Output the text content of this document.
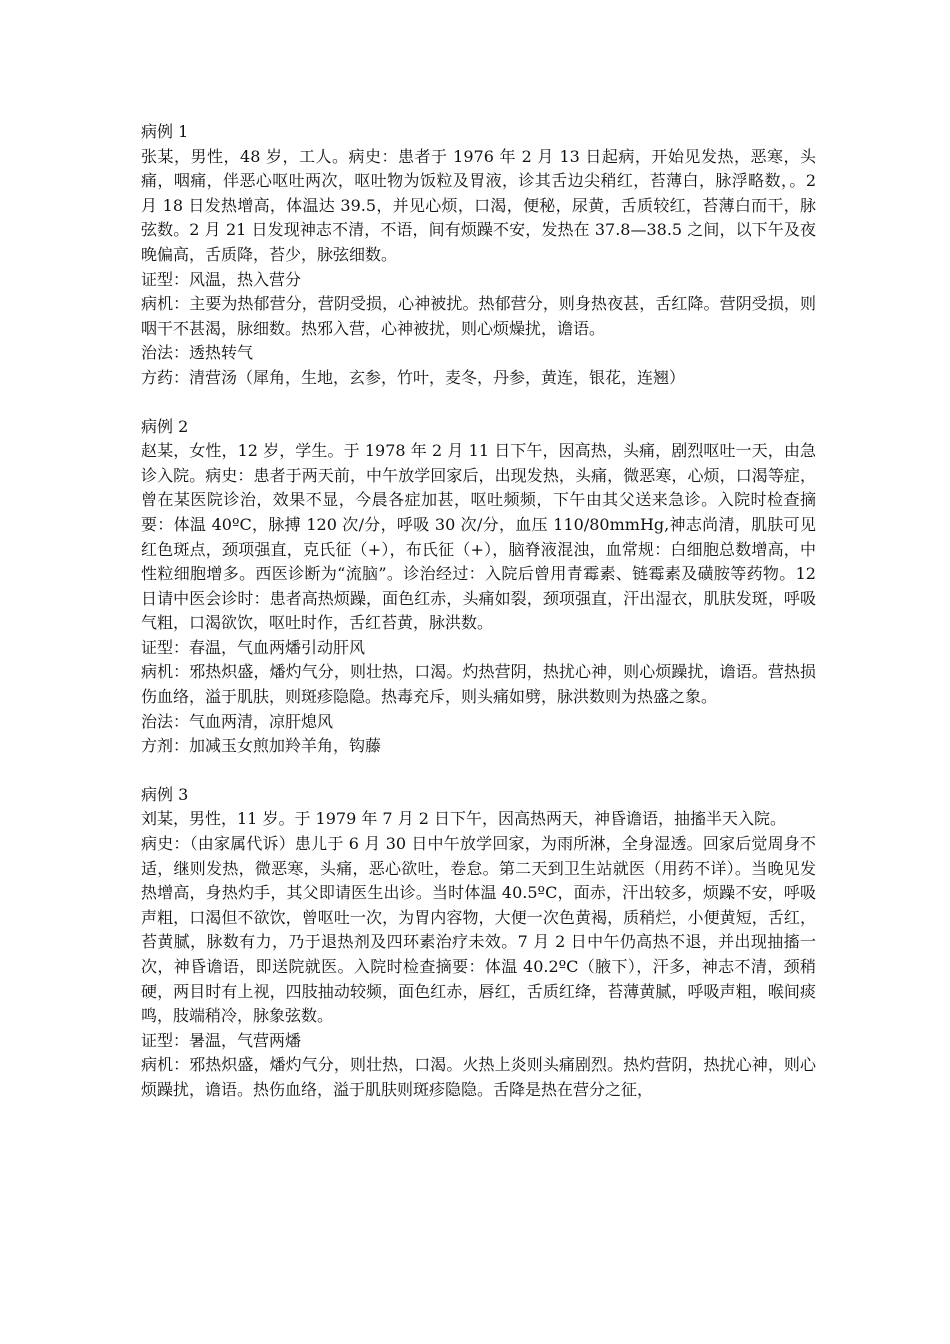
病例 1

张某，男性，48 岁，工人。病史：患者于 1976 年 2 月 13 日起病，开始见发热，恶寒，头痛，咽痛，伴恶心呕吐两次，呕吐物为饭粒及胃液，诊其舌边尖稍红，苔薄白，脉浮略数，。2 月 18 日发热增高，体温达 39.5，并见心烦，口渴，便秘，尿黄，舌质较红，苔薄白而干，脉弦数。2 月 21 日发现神志不清，不语，间有烦躁不安，发热在 37.8—38.5 之间，以下午及夜晚偏高，舌质降，苔少，脉弦细数。

证型：风温，热入营分

病机：主要为热郁营分，营阴受损，心神被扰。热郁营分，则身热夜甚，舌红降。营阴受损，则咽干不甚渴，脉细数。热邪入营，心神被扰，则心烦燥扰，谵语。

治法：透热转气

方药：清营汤（犀角，生地，玄参，竹叶，麦冬，丹参，黄连，银花，连翘）

病例 2

赵某，女性，12 岁，学生。于 1978 年 2 月 11 日下午，因高热，头痛，剧烈呕吐一天，由急诊入院。病史：患者于两天前，中午放学回家后，出现发热，头痛，微恶寒，心烦，口渴等症，曾在某医院诊治，效果不显，今晨各症加甚，呕吐频频，下午由其父送来急诊。入院时检查摘要：体温 40ºC，脉搏 120 次/分，呼吸 30 次/分，血压 110/80mmHg,神志尚清，肌肤可见红色斑点，颈项强直，克氏征（+），布氏征（+），脑脊液混浊，血常规：白细胞总数增高，中性粒细胞增多。西医诊断为“流脑”。诊治经过：入院后曾用青霉素、链霉素及磺胺等药物。12 日请中医会诊时：患者高热烦躁，面色红赤，头痛如裂，颈项强直，汗出湿衣，肌肤发斑，呼吸气粗，口渴欲饮，呕吐时作，舌红苔黄，脉洪数。

证型：春温，气血两燔引动肝风

病机：邪热炽盛，燔灼气分，则壮热，口渴。灼热营阴，热扰心神，则心烦躁扰，谵语。营热损伤血络，溢于肌肤，则斑疹隐隐。热毒充斥，则头痛如劈，脉洪数则为热盛之象。

治法：气血两清，凉肝熄风

方剂：加减玉女煎加羚羊角，钩藤

病例 3

刘某，男性，11 岁。于 1979 年 7 月 2 日下午，因高热两天，神昏谵语，抽搐半天入院。

病史：（由家属代诉）患儿于 6 月 30 日中午放学回家，为雨所淋，全身湿透。回家后觉周身不适，继则发热，微恶寒，头痛，恶心欲吐，卷怠。第二天到卫生站就医（用药不详）。当晚见发热增高，身热灼手，其父即请医生出诊。当时体温 40.5ºC，面赤，汗出较多，烦躁不安，呼吸声粗，口渴但不欲饮，曾呕吐一次，为胃内容物，大便一次色黄褐，质稍烂，小便黄短，舌红，苔黄腻，脉数有力，乃于退热剂及四环素治疗未效。7 月 2 日中午仍高热不退，并出现抽搐一次，神昏谵语，即送院就医。入院时检查摘要：体温 40.2ºC（腋下），汗多，神志不清，颈稍硬，两目时有上视，四肢抽动较频，面色红赤，唇红，舌质红绛，苔薄黄腻，呼吸声粗，喉间痰鸣，肢端稍冷，脉象弦数。

证型：暑温，气营两燔

病机：邪热炽盛，燔灼气分，则壮热，口渴。火热上炎则头痛剧烈。热灼营阴，热扰心神，则心烦躁扰，谵语。热伤血络，溢于肌肤则斑疹隐隐。舌降是热在营分之征，
